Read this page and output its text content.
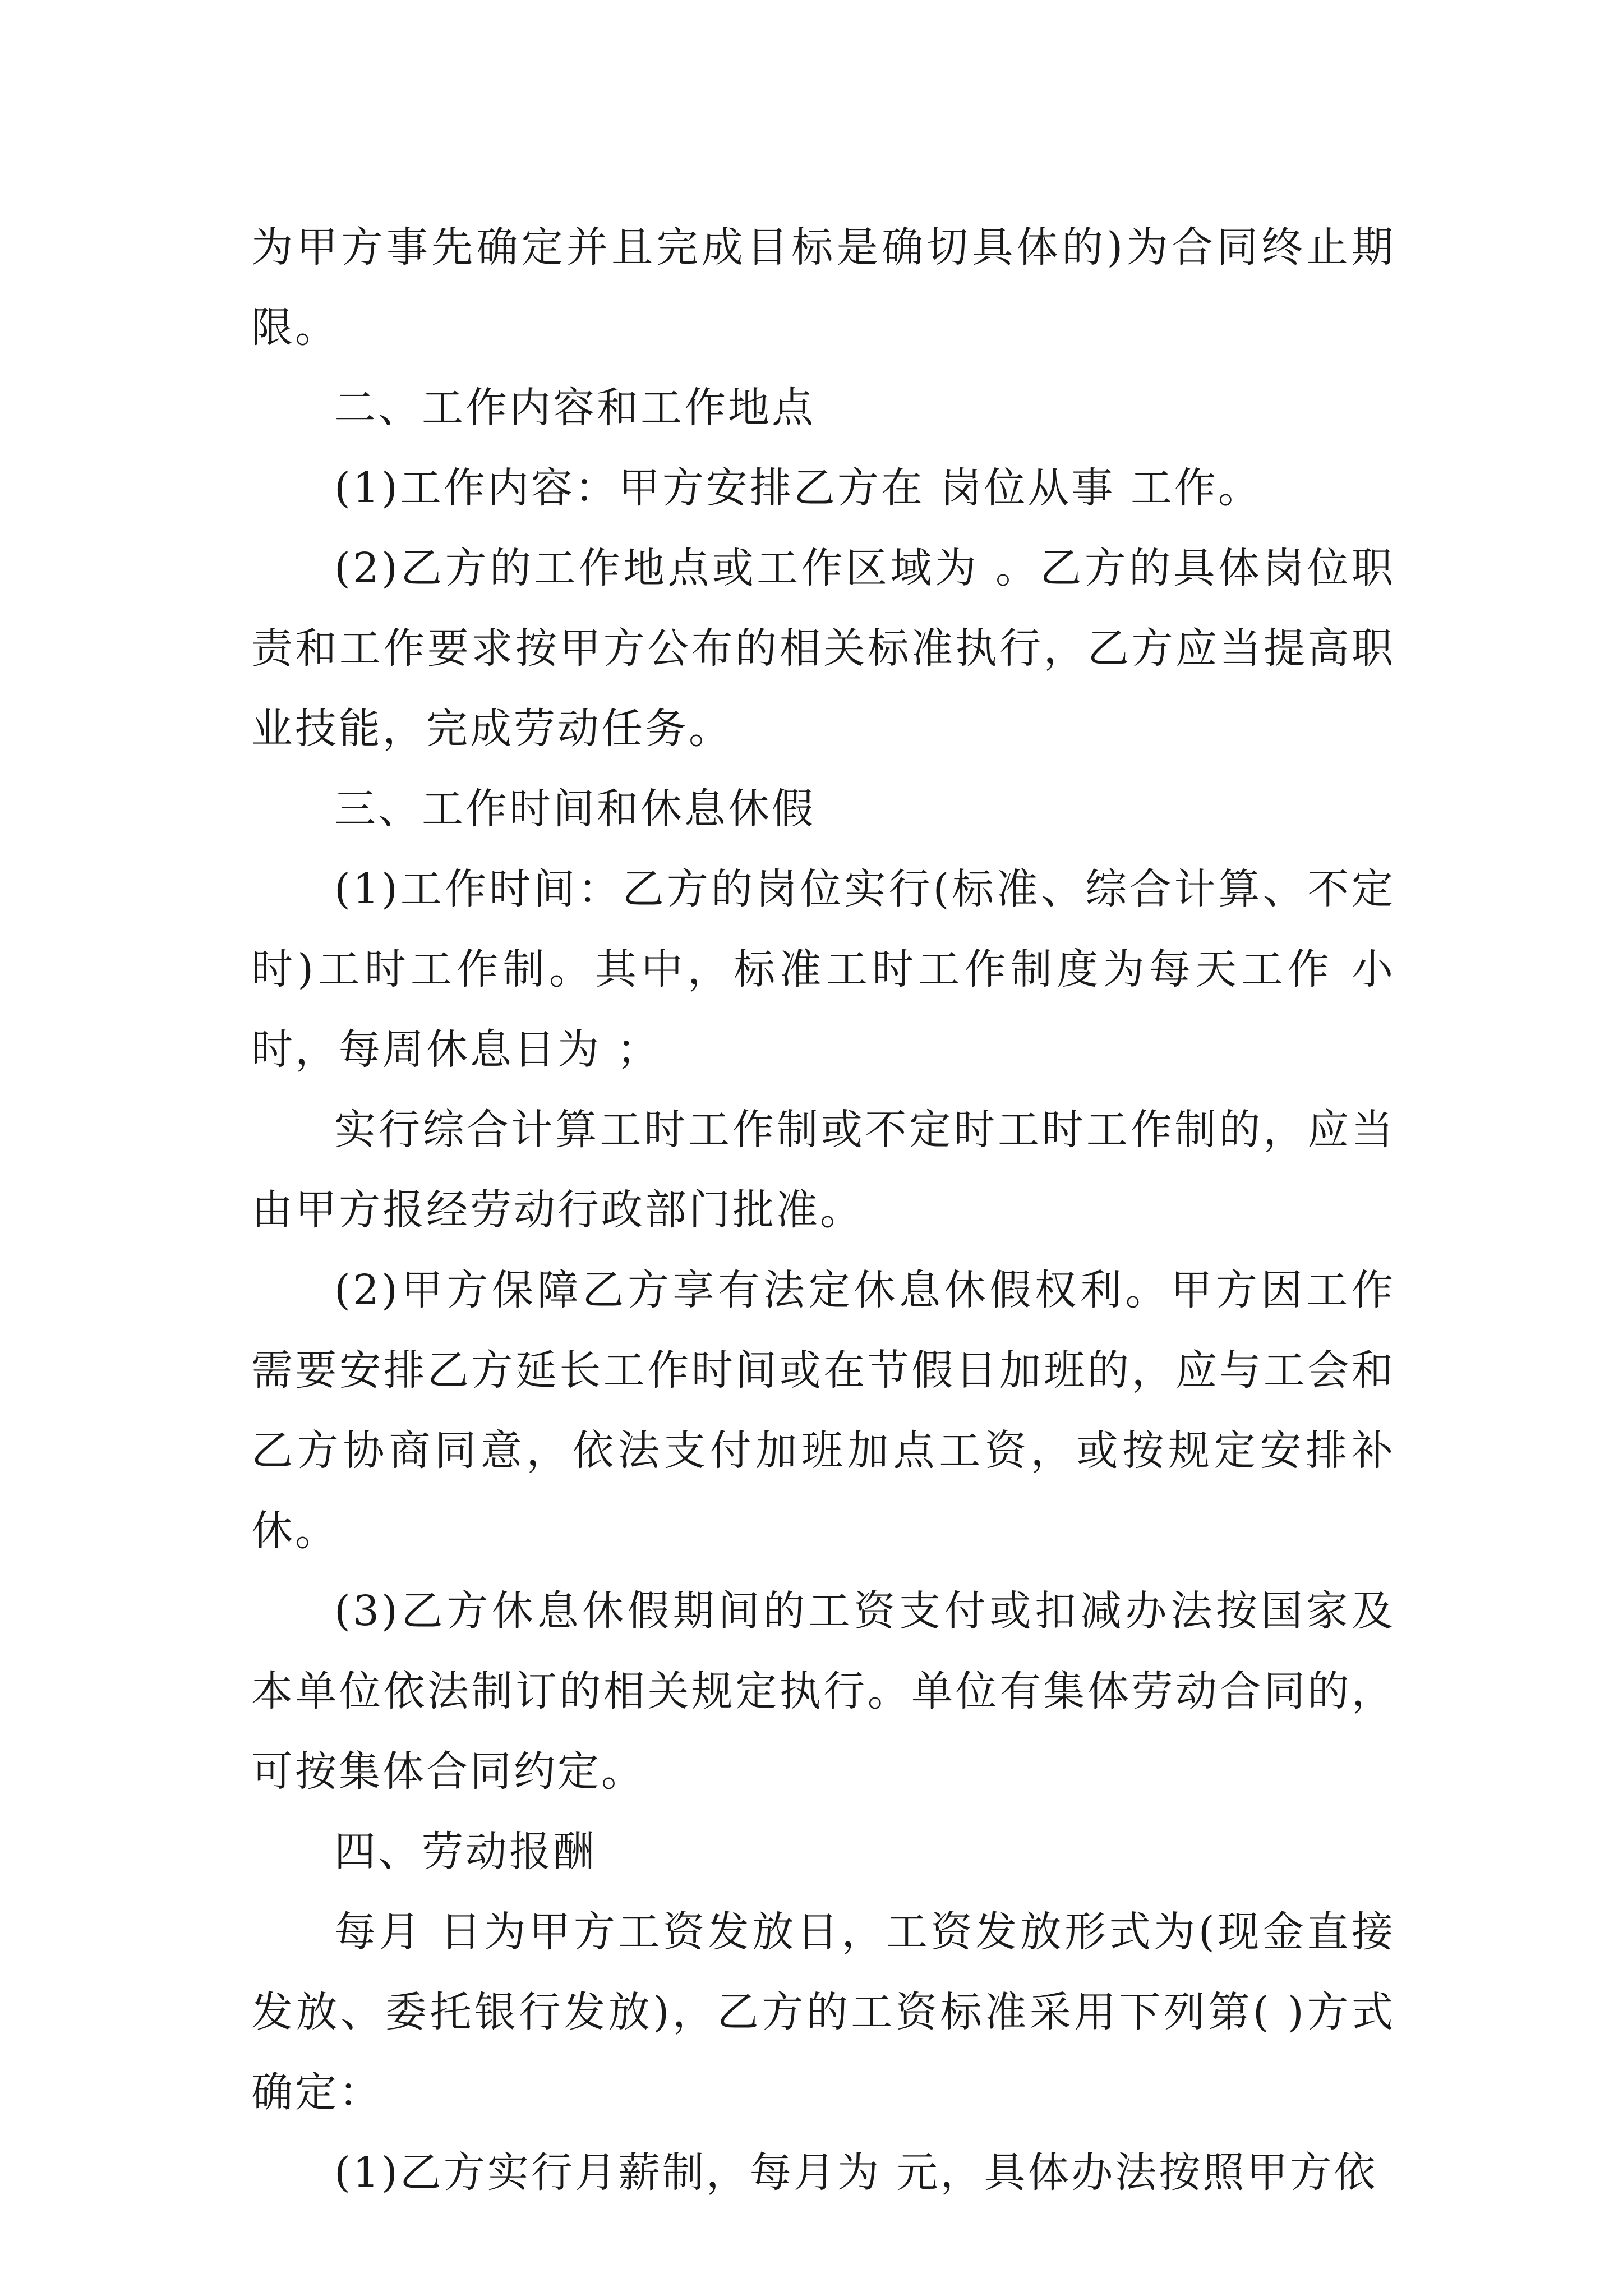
为甲方事先确定并且完成目标是确切具体的)为合同终止期限。

二、工作内容和工作地点

(1)工作内容：甲方安排乙方在 岗位从事 工作。

(2)乙方的工作地点或工作区域为 。乙方的具体岗位职责和工作要求按甲方公布的相关标准执行，乙方应当提高职业技能，完成劳动任务。

三、工作时间和休息休假

(1)工作时间：乙方的岗位实行(标准、综合计算、不定时)工时工作制。其中，标准工时工作制度为每天工作 小时，每周休息日为 ；

实行综合计算工时工作制或不定时工时工作制的，应当由甲方报经劳动行政部门批准。

(2)甲方保障乙方享有法定休息休假权利。甲方因工作需要安排乙方延长工作时间或在节假日加班的，应与工会和乙方协商同意，依法支付加班加点工资，或按规定安排补休。

(3)乙方休息休假期间的工资支付或扣减办法按国家及本单位依法制订的相关规定执行。单位有集体劳动合同的，可按集体合同约定。

四、劳动报酬

每月 日为甲方工资发放日，工资发放形式为(现金直接发放、委托银行发放)，乙方的工资标准采用下列第( )方式确定：

(1)乙方实行月薪制，每月为 元，具体办法按照甲方依
